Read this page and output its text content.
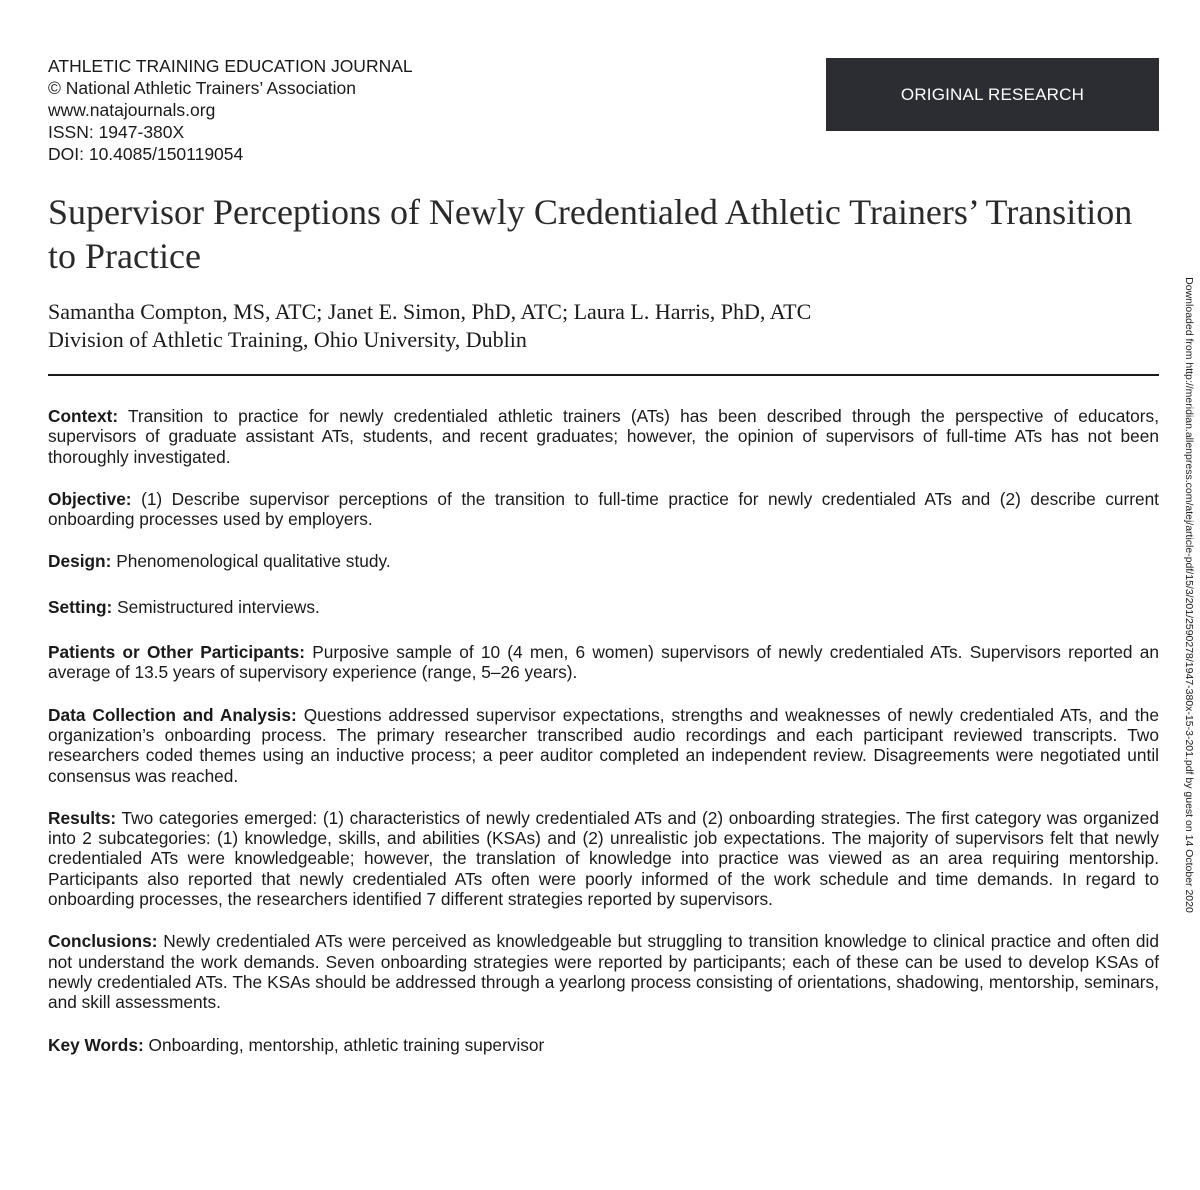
ATHLETIC TRAINING EDUCATION JOURNAL
© National Athletic Trainers’ Association
www.natajournals.org
ISSN: 1947-380X
DOI: 10.4085/150119054
ORIGINAL RESEARCH
Supervisor Perceptions of Newly Credentialed Athletic Trainers’ Transition to Practice
Samantha Compton, MS, ATC; Janet E. Simon, PhD, ATC; Laura L. Harris, PhD, ATC
Division of Athletic Training, Ohio University, Dublin

Context: Transition to practice for newly credentialed athletic trainers (ATs) has been described through the perspective of educators, supervisors of graduate assistant ATs, students, and recent graduates; however, the opinion of supervisors of full-time ATs has not been thoroughly investigated.

Objective: (1) Describe supervisor perceptions of the transition to full-time practice for newly credentialed ATs and (2) describe current onboarding processes used by employers.

Design: Phenomenological qualitative study.

Setting: Semistructured interviews.

Patients or Other Participants: Purposive sample of 10 (4 men, 6 women) supervisors of newly credentialed ATs. Supervisors reported an average of 13.5 years of supervisory experience (range, 5–26 years).

Data Collection and Analysis: Questions addressed supervisor expectations, strengths and weaknesses of newly credentialed ATs, and the organization’s onboarding process. The primary researcher transcribed audio recordings and each participant reviewed transcripts. Two researchers coded themes using an inductive process; a peer auditor completed an independent review. Disagreements were negotiated until consensus was reached.

Results: Two categories emerged: (1) characteristics of newly credentialed ATs and (2) onboarding strategies. The first category was organized into 2 subcategories: (1) knowledge, skills, and abilities (KSAs) and (2) unrealistic job expectations. The majority of supervisors felt that newly credentialed ATs were knowledgeable; however, the translation of knowledge into practice was viewed as an area requiring mentorship. Participants also reported that newly credentialed ATs often were poorly informed of the work schedule and time demands. In regard to onboarding processes, the researchers identified 7 different strategies reported by supervisors.

Conclusions: Newly credentialed ATs were perceived as knowledgeable but struggling to transition knowledge to clinical practice and often did not understand the work demands. Seven onboarding strategies were reported by participants; each of these can be used to develop KSAs of newly credentialed ATs. The KSAs should be addressed through a yearlong process consisting of orientations, shadowing, mentorship, seminars, and skill assessments.

Key Words: Onboarding, mentorship, athletic training supervisor

Downloaded from http://meridian.allenpress.com/atej/article-pdf/15/3/201/2590278/1947-380x-15-3-201.pdf by guest on 14 October 2020
